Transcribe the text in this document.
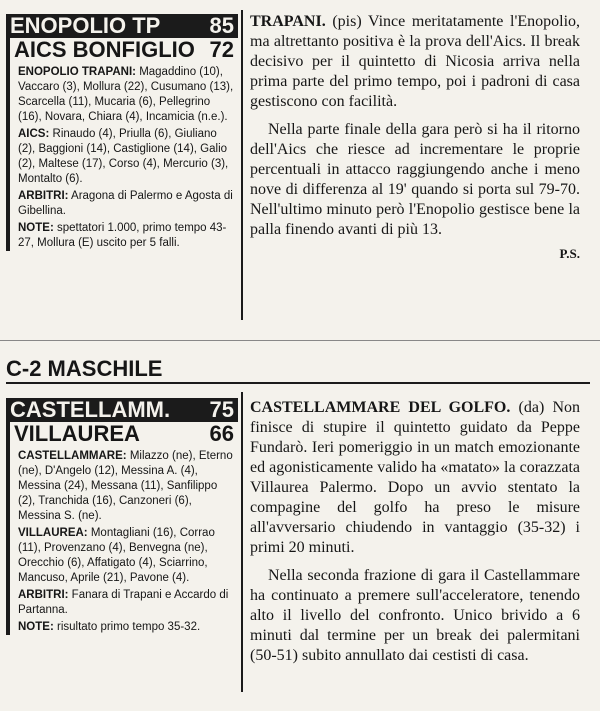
ENOPOLIO TP 85
AICS BONFIGLIO 72

ENOPOLIO TRAPANI: Magaddino (10), Vaccaro (3), Mollura (22), Cusumano (13), Scarcella (11), Mucaria (6), Pellegrino (16), Novara, Chiara (4), Incamicia (n.e.).

AICS: Rinaudo (4), Priulla (6), Giuliano (2), Baggioni (14), Castiglione (14), Galio (2), Maltese (17), Corso (4), Mercurio (3), Montalto (6).

ARBITRI: Aragona di Palermo e Agosta di Gibellina.

NOTE: spettatori 1.000, primo tempo 43-27, Mollura (E) uscito per 5 falli.

TRAPANI. (pis) Vince meritatamente l'Enopolio, ma altrettanto positiva è la prova dell'Aics. Il break decisivo per il quintetto di Nicosia arriva nella prima parte del primo tempo, poi i padroni di casa gestiscono con facilità.

Nella parte finale della gara però si ha il ritorno dell'Aics che riesce ad incrementare le proprie percentuali in attacco raggiungendo anche i meno nove di differenza al 19' quando si porta sul 79-70. Nell'ultimo minuto però l'Enopolio gestisce bene la palla finendo avanti di più 13.

P.S.
C-2 MASCHILE
CASTELLAMM. 75
VILLAUREA	66

CASTELLAMMARE: Milazzo (ne), Eterno (ne), D'Angelo (12), Messina A. (4), Messina (24), Messana (11), Sanfilippo (2), Tranchida (16), Canzoneri (6), Messina S. (ne).

VILLAUREA: Montagliani (16), Corrao (11), Provenzano (4), Benvegna (ne), Orecchio (6), Affatigato (4), Sciarrino, Mancuso, Aprile (21), Pavone (4).

ARBITRI: Fanara di Trapani e Accardo di Partanna.

NOTE: risultato primo tempo 35-32.

CASTELLAMMARE DEL GOLFO. (da) Non finisce di stupire il quintetto guidato da Peppe Fundarò. Ieri pomeriggio in un match emozionante ed agonisticamente valido ha «matato» la corazzata Villaurea Palermo. Dopo un avvio stentato la compagine del golfo ha preso le misure all'avversario chiudendo in vantaggio (35-32) i primi 20 minuti.

Nella seconda frazione di gara il Castellammare ha continuato a premere sull'acceleratore, tenendo alto il livello del confronto. Unico brivido a 6 minuti dal termine per un break dei palermitani (50-51) subito annullato dai cestisti di casa.
